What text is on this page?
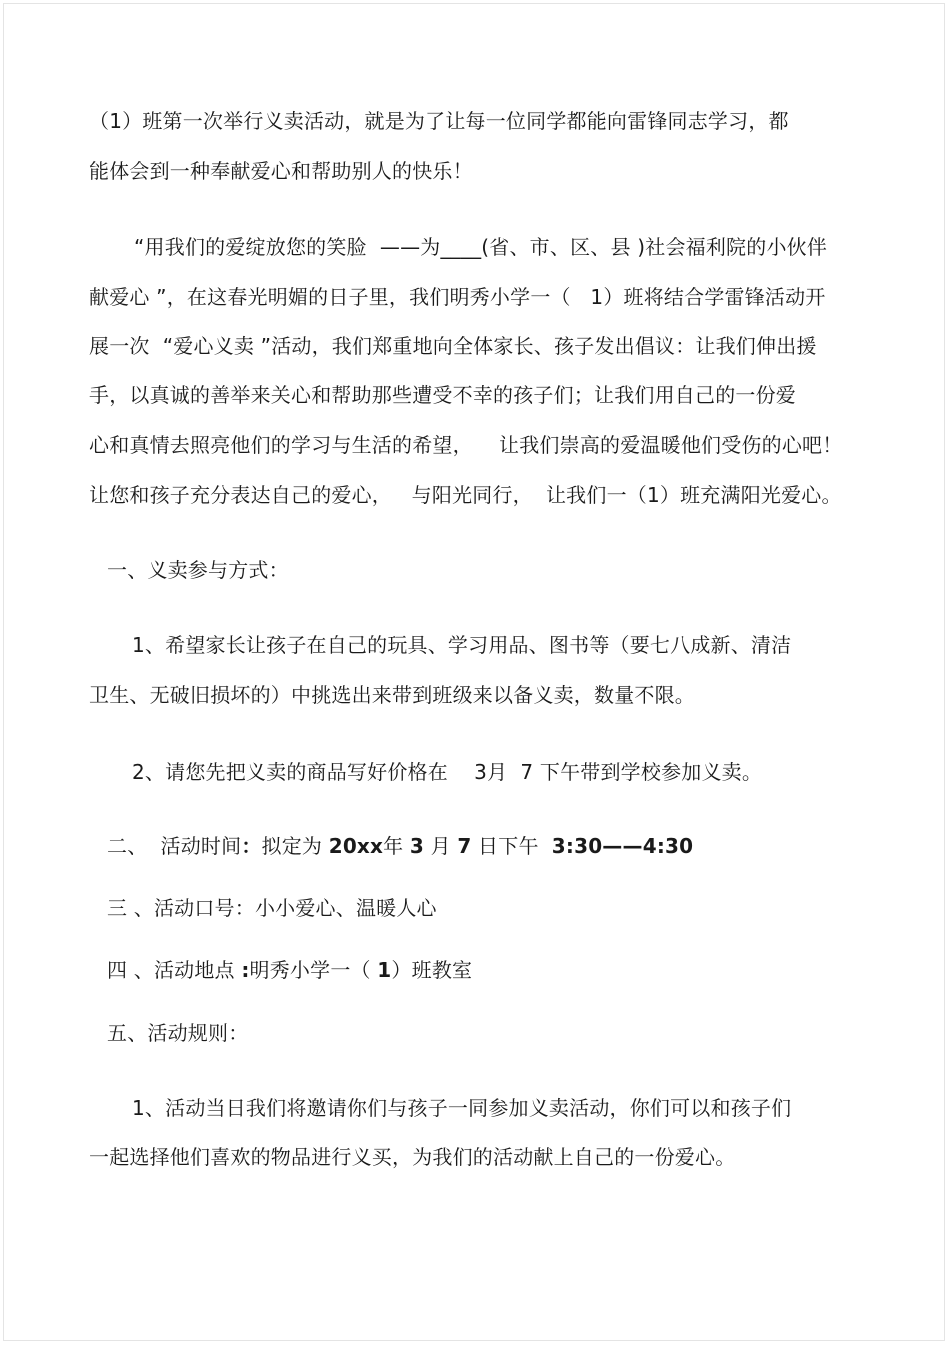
（1）班第一次举行义卖活动，就是为了让每一位同学都能向雷锋同志学习，都
能体会到一种奉献爱心和帮助别人的快乐！
“用我们的爱绽放您的笑脸  ——为____(省、市、区、县 )社会福利院的小伙伴
献爱心 ”，在这春光明媚的日子里，我们明秀小学一（   1）班将结合学雷锋活动开
展一次  “爱心义卖 ”活动，我们郑重地向全体家长、孩子发出倡议：让我们伸出援
手，以真诚的善举来关心和帮助那些遭受不幸的孩子们；让我们用自己的一份爱
心和真情去照亮他们的学习与生活的希望，    让我们崇高的爱温暖他们受伤的心吧！
让您和孩子充分表达自己的爱心，   与阳光同行，  让我们一（1）班充满阳光爱心。
一、义卖参与方式：
1、希望家长让孩子在自己的玩具、学习用品、图书等（要七八成新、清洁
卫生、无破旧损坏的）中挑选出来带到班级来以备义卖，数量不限。
2、请您先把义卖的商品写好价格在    3月  7 下午带到学校参加义卖。
二、  活动时间：拟定为 20xx年 3 月 7 日下午  3:30——4:30
三 、活动口号：小小爱心、温暖人心
四 、活动地点 :明秀小学一（ 1）班教室
五、活动规则：
1、活动当日我们将邀请你们与孩子一同参加义卖活动，你们可以和孩子们
一起选择他们喜欢的物品进行义买，为我们的活动献上自己的一份爱心。
